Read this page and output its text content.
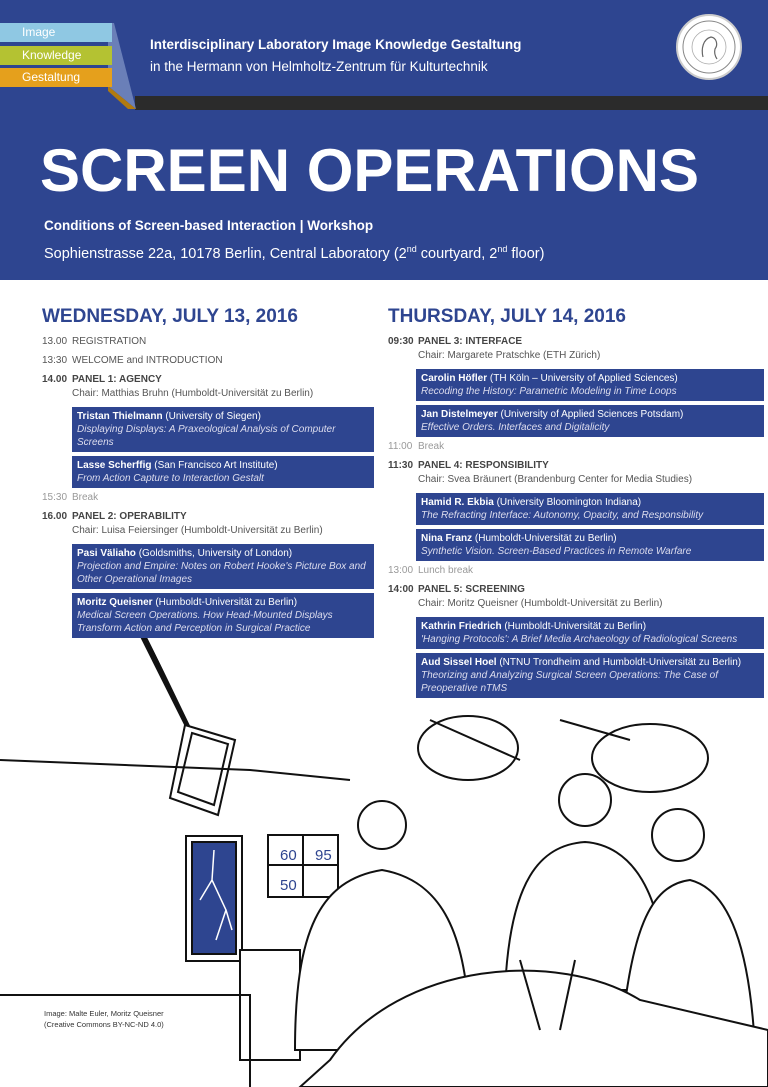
Image
Knowledge
Gestaltung
Interdisciplinary Laboratory Image Knowledge Gestaltung
in the Hermann von Helmholtz-Zentrum für Kulturtechnik
SCREEN OPERATIONS
Conditions of Screen-based Interaction | Workshop
Sophienstrasse 22a, 10178 Berlin, Central Laboratory (2nd courtyard, 2nd floor)
WEDNESDAY, JULY 13, 2016
13.00 REGISTRATION
13:30 WELCOME and INTRODUCTION
14.00 PANEL 1: AGENCY
Chair: Matthias Bruhn (Humboldt-Universität zu Berlin)
Tristan Thielmann (University of Siegen)
Displaying Displays: A Praxeological Analysis of Computer Screens
Lasse Scherffig (San Francisco Art Institute)
From Action Capture to Interaction Gestalt
15:30 Break
16.00 PANEL 2: OPERABILITY
Chair: Luisa Feiersinger (Humboldt-Universität zu Berlin)
Pasi Väliaho (Goldsmiths, University of London)
Projection and Empire: Notes on Robert Hooke's Picture Box and Other Operational Images
Moritz Queisner (Humboldt-Universität zu Berlin)
Medical Screen Operations. How Head-Mounted Displays Transform Action and Perception in Surgical Practice
THURSDAY, JULY 14, 2016
09:30 PANEL 3: INTERFACE
Chair: Margarete Pratschke (ETH Zürich)
Carolin Höfler (TH Köln – University of Applied Sciences)
Recoding the History: Parametric Modeling in Time Loops
Jan Distelmeyer (University of Applied Sciences Potsdam)
Effective Orders. Interfaces and Digitalicity
11:00 Break
11:30 PANEL 4: RESPONSIBILITY
Chair: Svea Bräunert (Brandenburg Center for Media Studies)
Hamid R. Ekbia (University Bloomington Indiana)
The Refracting Interface: Autonomy, Opacity, and Responsibility
Nina Franz (Humboldt-Universität zu Berlin)
Synthetic Vision. Screen-Based Practices in Remote Warfare
13:00 Lunch break
14:00 PANEL 5: SCREENING
Chair: Moritz Queisner (Humboldt-Universität zu Berlin)
Kathrin Friedrich (Humboldt-Universität zu Berlin)
'Hanging Protocols': A Brief Media Archaeology of Radiological Screens
Aud Sissel Hoel (NTNU Trondheim and Humboldt-Universität zu Berlin)
Theorizing and Analyzing Surgical Screen Operations: The Case of Preoperative nTMS
60 95
50
Image: Malte Euler, Moritz Queisner
(Creative Commons BY-NC-ND 4.0)
